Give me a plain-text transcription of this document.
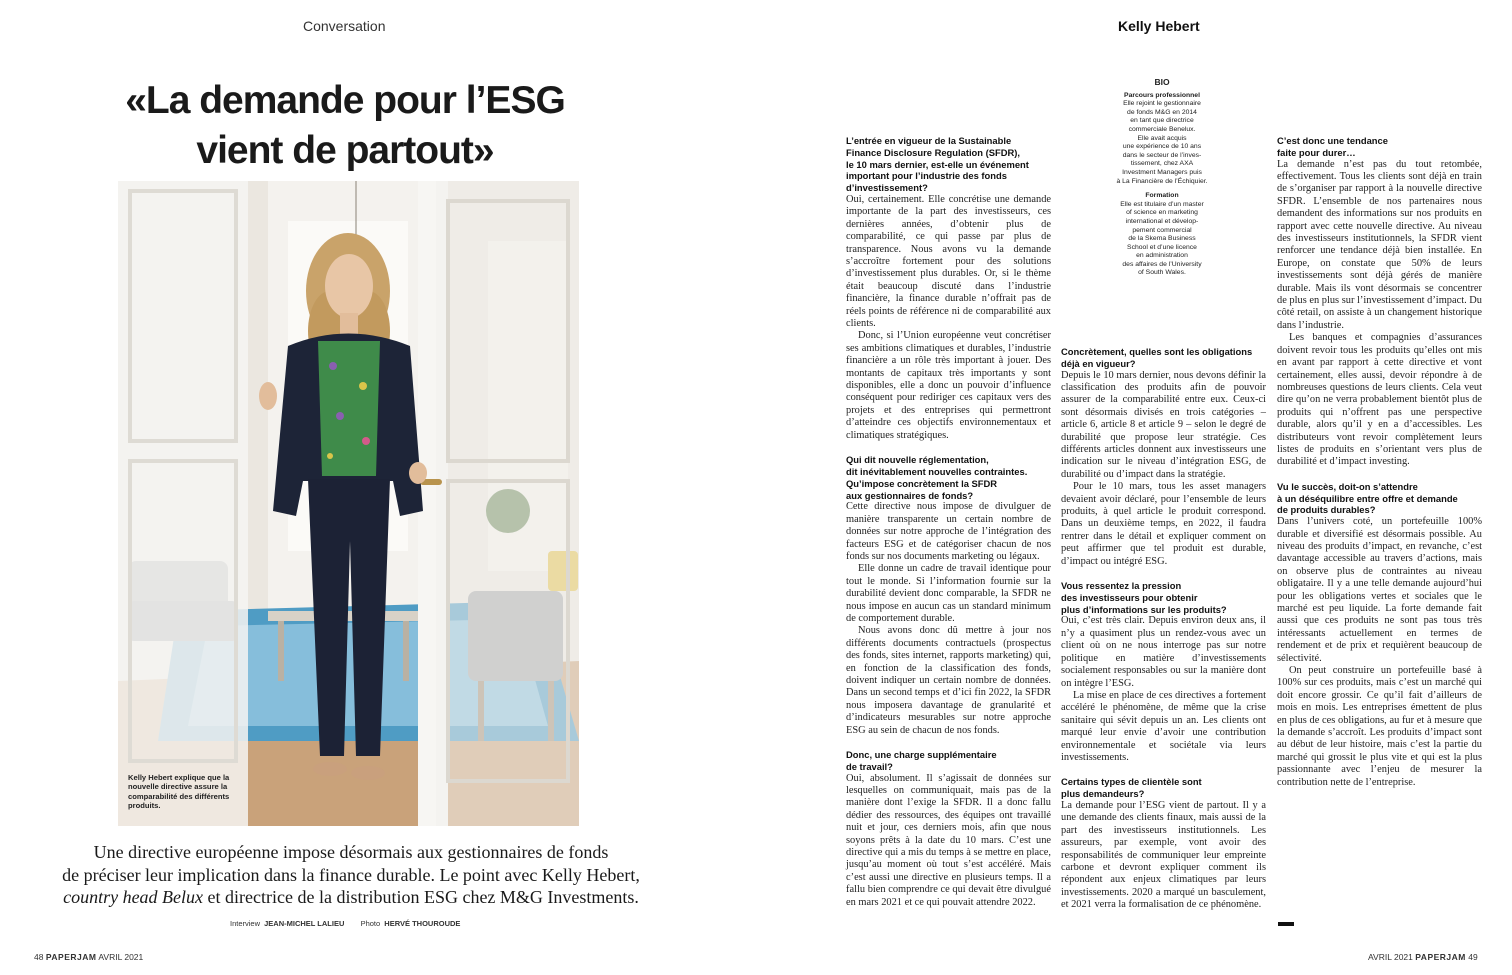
Conversation	Kelly Hebert
«La demande pour l’ESG
vient de partout»
Kelly Hebert explique que la nouvelle directive assure la comparabilité des différents produits.
Une directive européenne impose désormais aux gestionnaires de fonds
de préciser leur implication dans la finance durable. Le point avec Kelly Hebert,
country head Belux et directrice de la distribution ESG chez M&G Investments.
Interview JEAN-MICHEL LALIEU Photo HERVÉ THOUROUDE
48 PAPERJAM AVRIL 2021	AVRIL 2021 PAPERJAM 49
BIO
Parcours professionnel
Elle rejoint le gestionnaire
de fonds M&G en 2014
en tant que directrice
commerciale Benelux.
Elle avait acquis
une expérience de 10 ans
dans le secteur de l’inves-
tissement, chez AXA
Investment Managers puis
à La Financière de l’Échiquier.
Formation
Elle est titulaire d’un master
of science en marketing
international et dévelop-
pement commercial
de la Skema Business
School et d’une licence
en administration
des affaires de l’University
of South Wales.
L’entrée en vigueur de la Sustainable
Finance Disclosure Regulation (SFDR),
le 10 mars dernier, est-elle un événement
important pour l’industrie des fonds
d’investissement?

Oui, certainement. Elle concrétise une demande importante de la part des investisseurs, ces dernières années, d’obtenir plus de comparabilité, ce qui passe par plus de transparence. Nous avons vu la demande s’accroître fortement pour des solutions d’investissement plus durables. Or, si le thème était beaucoup discuté dans l’industrie financière, la finance durable n’offrait pas de réels points de référence ni de comparabilité aux clients.

Donc, si l’Union européenne veut concrétiser ses ambitions climatiques et durables, l’industrie financière a un rôle très important à jouer. Des montants de capitaux très importants y sont disponibles, elle a donc un pouvoir d’influence conséquent pour rediriger ces capitaux vers des projets et des entreprises qui permettront d’atteindre ces objectifs environnementaux et climatiques stratégiques.

Qui dit nouvelle réglementation,
dit inévitablement nouvelles contraintes.
Qu’impose concrètement la SFDR
aux gestionnaires de fonds?

Cette directive nous impose de divulguer de manière transparente un certain nombre de données sur notre approche de l’intégration des facteurs ESG et de catégoriser chacun de nos fonds sur nos documents marketing ou légaux.

Elle donne un cadre de travail identique pour tout le monde. Si l’information fournie sur la durabilité devient donc comparable, la SFDR ne nous impose en aucun cas un standard minimum de comportement durable.

Nous avons donc dû mettre à jour nos différents documents contractuels (prospectus des fonds, sites internet, rapports marketing) qui, en fonction de la classification des fonds, doivent indiquer un certain nombre de données. Dans un second temps et d’ici fin 2022, la SFDR nous imposera davantage de granularité et d’indicateurs mesurables sur notre approche ESG au sein de chacun de nos fonds.

Donc, une charge supplémentaire
de travail?

Oui, absolument. Il s’agissait de données sur lesquelles on communiquait, mais pas de la manière dont l’exige la SFDR. Il a donc fallu dédier des ressources, des équipes ont travaillé nuit et jour, ces derniers mois, afin que nous soyons prêts à la date du 10 mars. C’est une directive qui a mis du temps à se mettre en place, jusqu’au moment où tout s’est accéléré. Mais c’est aussi une directive en plusieurs temps. Il a fallu bien comprendre ce qui devait être divulgué en mars 2021 et ce qui pouvait attendre 2022.

Concrètement, quelles sont les obligations
déjà en vigueur?

Depuis le 10 mars dernier, nous devons définir la classification des produits afin de pouvoir assurer de la comparabilité entre eux. Ceux-ci sont désormais divisés en trois catégories – article 6, article 8 et article 9 – selon le degré de durabilité que propose leur stratégie. Ces différents articles donnent aux investisseurs une indication sur le niveau d’intégration ESG, de durabilité ou d’impact dans la stratégie.

Pour le 10 mars, tous les asset managers devaient avoir déclaré, pour l’ensemble de leurs produits, à quel article le produit correspond. Dans un deuxième temps, en 2022, il faudra rentrer dans le détail et expliquer comment on peut affirmer que tel produit est durable, d’impact ou intégré ESG.

Vous ressentez la pression
des investisseurs pour obtenir
plus d’informations sur les produits?

Oui, c’est très clair. Depuis environ deux ans, il n’y a quasiment plus un rendez-vous avec un client où on ne nous interroge pas sur notre politique en matière d’investissements socialement responsables ou sur la manière dont on intègre l’ESG.

La mise en place de ces directives a fortement accéléré le phénomène, de même que la crise sanitaire qui sévit depuis un an. Les clients ont marqué leur envie d’avoir une contribution environnementale et sociétale via leurs investissements.

Certains types de clientèle sont
plus demandeurs?

La demande pour l’ESG vient de partout. Il y a une demande des clients finaux, mais aussi de la part des investisseurs institutionnels. Les assureurs, par exemple, vont avoir des responsabilités de communiquer leur empreinte carbone et devront expliquer comment ils répondent aux enjeux climatiques par leurs investissements. 2020 a marqué un basculement, et 2021 verra la formalisation de ce phénomène.

C’est donc une tendance
faite pour durer…

La demande n’est pas du tout retombée, effectivement. Tous les clients sont déjà en train de s’organiser par rapport à la nouvelle directive SFDR. L’ensemble de nos partenaires nous demandent des informations sur nos produits en rapport avec cette nouvelle directive. Au niveau des investisseurs institutionnels, la SFDR vient renforcer une tendance déjà bien installée. En Europe, on constate que 50% de leurs investissements sont déjà gérés de manière durable. Mais ils vont désormais se concentrer de plus en plus sur l’investissement d’impact. Du côté retail, on assiste à un changement historique dans l’industrie.

Les banques et compagnies d’assurances doivent revoir tous les produits qu’elles ont mis en avant par rapport à cette directive et vont certainement, elles aussi, devoir répondre à de nombreuses questions de leurs clients. Cela veut dire qu’on ne verra probablement bientôt plus de produits qui n’offrent pas une perspective durable, alors qu’il y en a d’accessibles. Les distributeurs vont revoir complètement leurs listes de produits en s’orientant vers plus de durabilité et d’impact investing.

Vu le succès, doit-on s’attendre
à un déséquilibre entre offre et demande
de produits durables?

Dans l’univers coté, un portefeuille 100% durable et diversifié est désormais possible. Au niveau des produits d’impact, en revanche, c’est davantage accessible au travers d’actions, mais on observe plus de contraintes au niveau obligataire. Il y a une telle demande aujourd’hui pour les obligations vertes et sociales que le marché est peu liquide. La forte demande fait aussi que ces produits ne sont pas tous très intéressants actuellement en termes de rendement et de prix et requièrent beaucoup de sélectivité.

On peut construire un portefeuille basé à 100% sur ces produits, mais c’est un marché qui doit encore grossir. Ce qu’il fait d’ailleurs de mois en mois. Les entreprises émettent de plus en plus de ces obligations, au fur et à mesure que la demande s’accroît. Les produits d’impact sont au début de leur histoire, mais c’est la partie du marché qui grossit le plus vite et qui est la plus passionnante avec l’enjeu de mesurer la contribution nette de l’entreprise.
